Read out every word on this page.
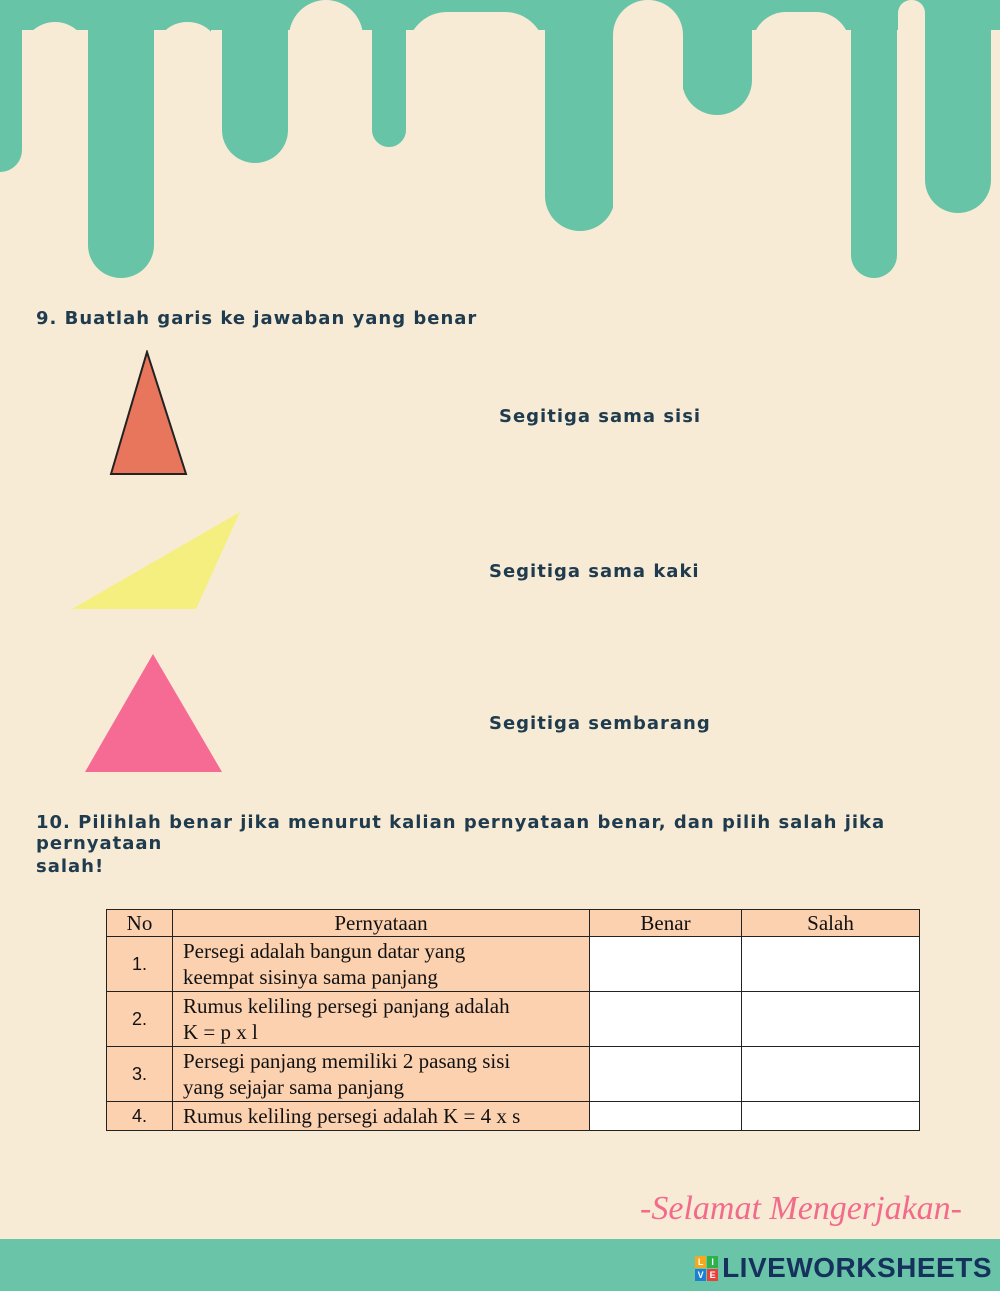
9. Buatlah garis ke jawaban yang benar

Segitiga sama sisi
Segitiga sama kaki
Segitiga sembarang

10. Pilihlah benar jika menurut kalian pernyataan benar, dan pilih salah jika pernyataan

salah!

No	Pernyataan	Benar	Salah
1.	Persegi adalah bangun datar yang
keempat sisinya sama panjang		
2.	Rumus keliling persegi panjang adalah
K = p x l		
3.	Persegi panjang memiliki 2 pasang sisi
yang sejajar sama panjang		
4.	Rumus keliling persegi adalah K = 4 x s		
-Selamat Mengerjakan-
L I
V E LIVEWORKSHEETS
